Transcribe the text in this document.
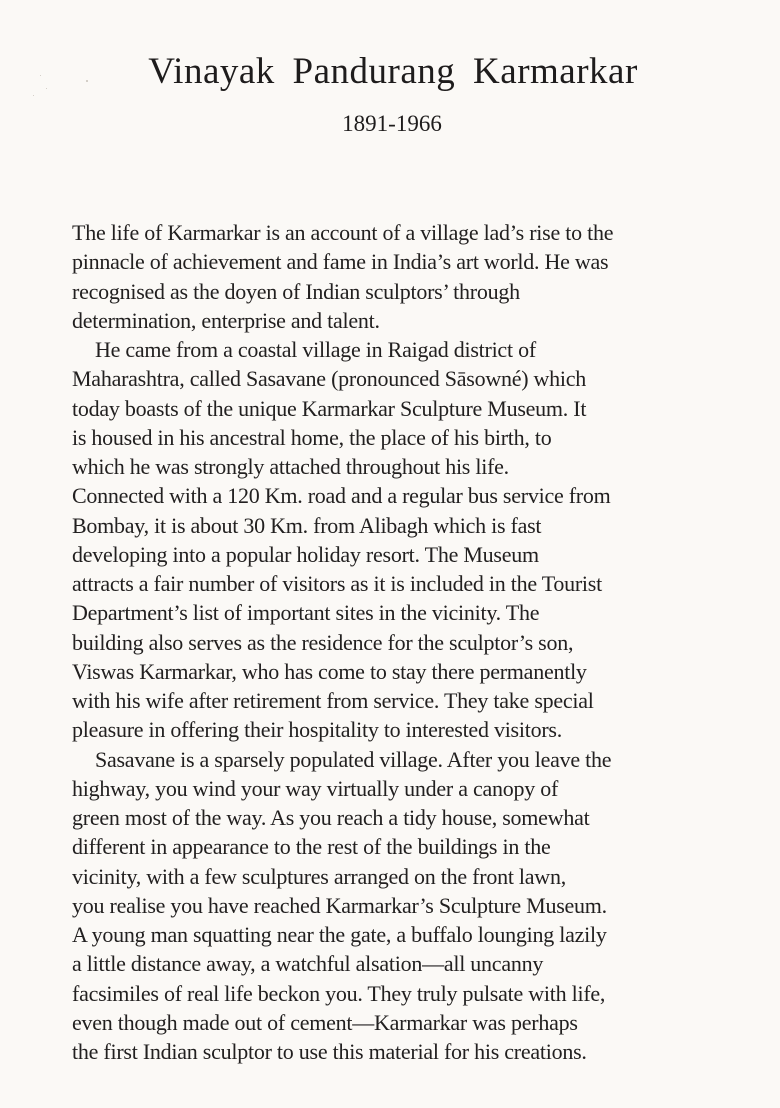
Vinayak Pandurang Karmarkar
1891-1966
The life of Karmarkar is an account of a village lad’s rise to the
pinnacle of achievement and fame in India’s art world. He was
recognised as the doyen of Indian sculptors’ through
determination, enterprise and talent.
He came from a coastal village in Raigad district of
Maharashtra, called Sasavane (pronounced Sāsowné) which
today boasts of the unique Karmarkar Sculpture Museum. It
is housed in his ancestral home, the place of his birth, to
which he was strongly attached throughout his life.
Connected with a 120 Km. road and a regular bus service from
Bombay, it is about 30 Km. from Alibagh which is fast
developing into a popular holiday resort. The Museum
attracts a fair number of visitors as it is included in the Tourist
Department’s list of important sites in the vicinity. The
building also serves as the residence for the sculptor’s son,
Viswas Karmarkar, who has come to stay there permanently
with his wife after retirement from service. They take special
pleasure in offering their hospitality to interested visitors.
Sasavane is a sparsely populated village. After you leave the
highway, you wind your way virtually under a canopy of
green most of the way. As you reach a tidy house, somewhat
different in appearance to the rest of the buildings in the
vicinity, with a few sculptures arranged on the front lawn,
you realise you have reached Karmarkar’s Sculpture Museum.
A young man squatting near the gate, a buffalo lounging lazily
a little distance away, a watchful alsation—all uncanny
facsimiles of real life beckon you. They truly pulsate with life,
even though made out of cement—Karmarkar was perhaps
the first Indian sculptor to use this material for his creations.
